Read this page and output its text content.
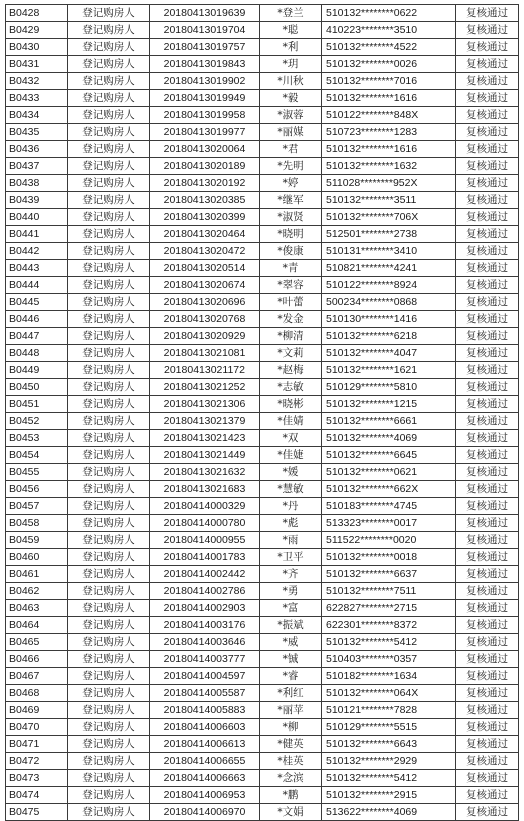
B0428	登记购房人	20180413019639	*登兰	510132********0622	复核通过
B0429	登记购房人	20180413019704	*聪	410223********3510	复核通过
B0430	登记购房人	20180413019757	*利	510132********4522	复核通过
B0431	登记购房人	20180413019843	*玥	510132********0026	复核通过
B0432	登记购房人	20180413019902	*川秋	510132********7016	复核通过
B0433	登记购房人	20180413019949	*毅	510132********1616	复核通过
B0434	登记购房人	20180413019958	*淑蓉	510122********848X	复核通过
B0435	登记购房人	20180413019977	*丽媒	510723********1283	复核通过
B0436	登记购房人	20180413020064	*君	510132********1616	复核通过
B0437	登记购房人	20180413020189	*先明	510132********1632	复核通过
B0438	登记购房人	20180413020192	*婷	511028********952X	复核通过
B0439	登记购房人	20180413020385	*继军	510132********3511	复核通过
B0440	登记购房人	20180413020399	*淑贤	510132********706X	复核通过
B0441	登记购房人	20180413020464	*晓明	512501********2738	复核通过
B0442	登记购房人	20180413020472	*俊康	510131********3410	复核通过
B0443	登记购房人	20180413020514	*青	510821********4241	复核通过
B0444	登记购房人	20180413020674	*翠容	510122********8924	复核通过
B0445	登记购房人	20180413020696	*叶蕾	500234********0868	复核通过
B0446	登记购房人	20180413020768	*发金	510130********1416	复核通过
B0447	登记购房人	20180413020929	*柳清	510132********6218	复核通过
B0448	登记购房人	20180413021081	*文莉	510132********4047	复核通过
B0449	登记购房人	20180413021172	*赵梅	510132********1621	复核通过
B0450	登记购房人	20180413021252	*志敏	510129********5810	复核通过
B0451	登记购房人	20180413021306	*晓彬	510132********1215	复核通过
B0452	登记购房人	20180413021379	*佳婧	510132********6661	复核通过
B0453	登记购房人	20180413021423	*双	510132********4069	复核通过
B0454	登记购房人	20180413021449	*佳婕	510132********6645	复核通过
B0455	登记购房人	20180413021632	*媛	510132********0621	复核通过
B0456	登记购房人	20180413021683	*慧敏	510132********662X	复核通过
B0457	登记购房人	20180414000329	*丹	510183********4745	复核通过
B0458	登记购房人	20180414000780	*彪	513323********0017	复核通过
B0459	登记购房人	20180414000955	*雨	511522********0020	复核通过
B0460	登记购房人	20180414001783	*卫平	510132********0018	复核通过
B0461	登记购房人	20180414002442	*齐	510132********6637	复核通过
B0462	登记购房人	20180414002786	*勇	510132********7511	复核通过
B0463	登记购房人	20180414002903	*富	622827********2715	复核通过
B0464	登记购房人	20180414003176	*振斌	622301********8372	复核通过
B0465	登记购房人	20180414003646	*威	510132********5412	复核通过
B0466	登记购房人	20180414003777	*铖	510403********0357	复核通过
B0467	登记购房人	20180414004597	*睿	510182********1634	复核通过
B0468	登记购房人	20180414005587	*利红	510132********064X	复核通过
B0469	登记购房人	20180414005883	*丽苹	510121********7828	复核通过
B0470	登记购房人	20180414006603	*柳	510129********5515	复核通过
B0471	登记购房人	20180414006613	*健英	510132********6643	复核通过
B0472	登记购房人	20180414006655	*桂英	510132********2929	复核通过
B0473	登记购房人	20180414006663	*念滨	510132********5412	复核通过
B0474	登记购房人	20180414006953	*鹏	510132********2915	复核通过
B0475	登记购房人	20180414006970	*文娟	513622********4069	复核通过
